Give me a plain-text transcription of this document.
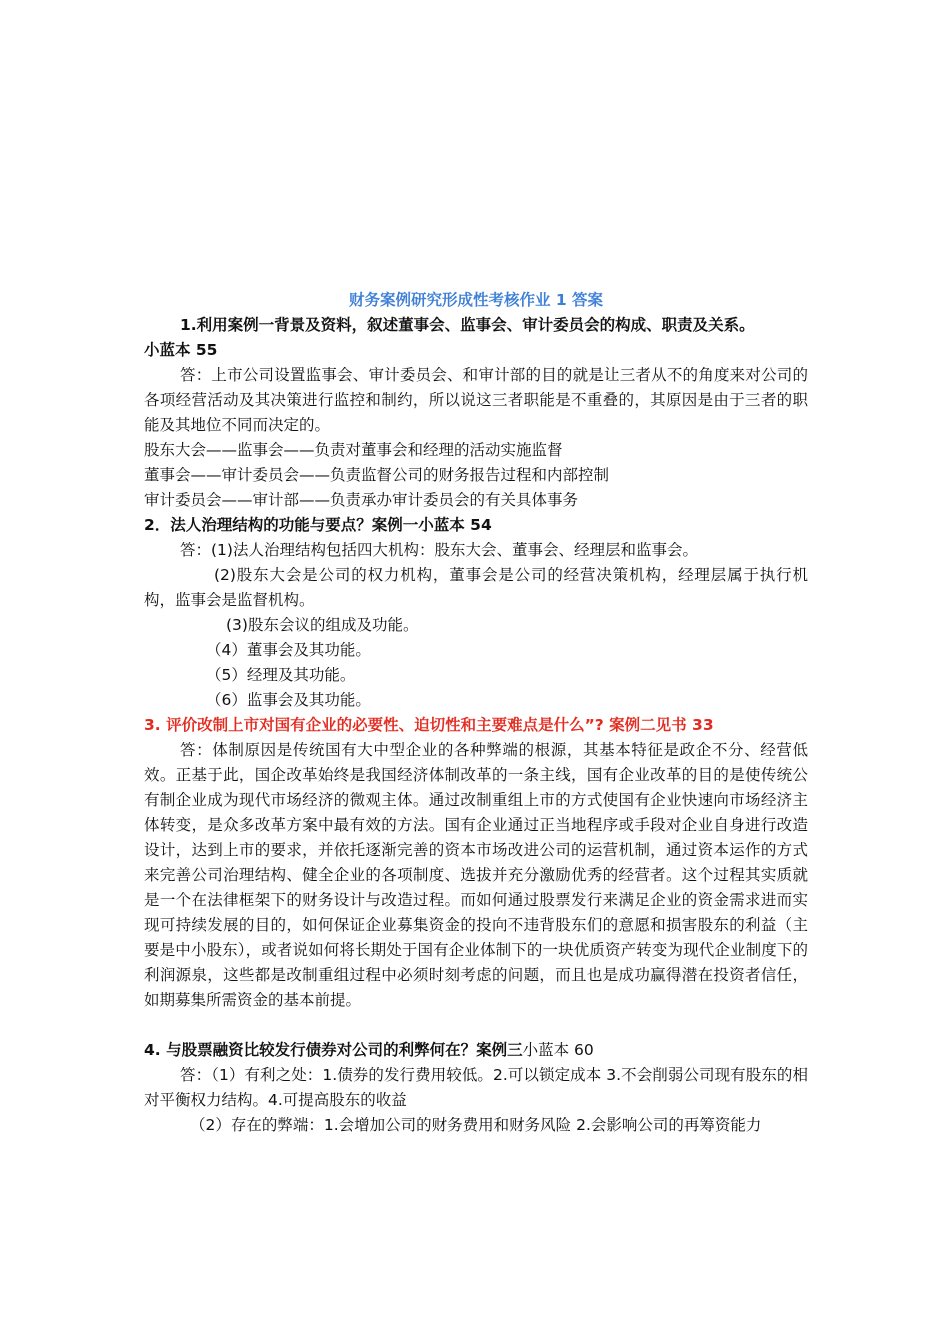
财务案例研究形成性考核作业 1 答案

1.利用案例一背景及资料，叙述董事会、监事会、审计委员会的构成、职责及关系。

小蓝本 55

答：上市公司设置监事会、审计委员会、和审计部的目的就是让三者从不的角度来对公司的各项经营活动及其决策进行监控和制约，所以说这三者职能是不重叠的，其原因是由于三者的职能及其地位不同而决定的。

股东大会——监事会——负责对董事会和经理的活动实施监督

董事会——审计委员会——负责监督公司的财务报告过程和内部控制

审计委员会——审计部——负责承办审计委员会的有关具体事务

2．法人治理结构的功能与要点？案例一小蓝本 54

答：(1)法人治理结构包括四大机构：股东大会、董事会、经理层和监事会。

(2)股东大会是公司的权力机构，董事会是公司的经营决策机构，经理层属于执行机构，监事会是监督机构。

(3)股东会议的组成及功能。

（4）董事会及其功能。

（5）经理及其功能。

（6）监事会及其功能。

3. 评价改制上市对国有企业的必要性、迫切性和主要难点是什么”? 案例二见书 33

答：体制原因是传统国有大中型企业的各种弊端的根源，其基本特征是政企不分、经营低效。正基于此，国企改革始终是我国经济体制改革的一条主线，国有企业改革的目的是使传统公有制企业成为现代市场经济的微观主体。通过改制重组上市的方式使国有企业快速向市场经济主体转变，是众多改革方案中最有效的方法。国有企业通过正当地程序或手段对企业自身进行改造设计，达到上市的要求，并依托逐渐完善的资本市场改进公司的运营机制，通过资本运作的方式来完善公司治理结构、健全企业的各项制度、选拔并充分激励优秀的经营者。这个过程其实质就是一个在法律框架下的财务设计与改造过程。而如何通过股票发行来满足企业的资金需求进而实现可持续发展的目的，如何保证企业募集资金的投向不违背股东们的意愿和损害股东的利益（主要是中小股东），或者说如何将长期处于国有企业体制下的一块优质资产转变为现代企业制度下的利润源泉，这些都是改制重组过程中必须时刻考虑的问题，而且也是成功赢得潜在投资者信任，如期募集所需资金的基本前提。

4. 与股票融资比较发行债券对公司的利弊何在？案例三小蓝本 60

答：（1）有利之处：1.债券的发行费用较低。2.可以锁定成本 3.不会削弱公司现有股东的相对平衡权力结构。4.可提高股东的收益

（2）存在的弊端：1.会增加公司的财务费用和财务风险 2.会影响公司的再筹资能力
